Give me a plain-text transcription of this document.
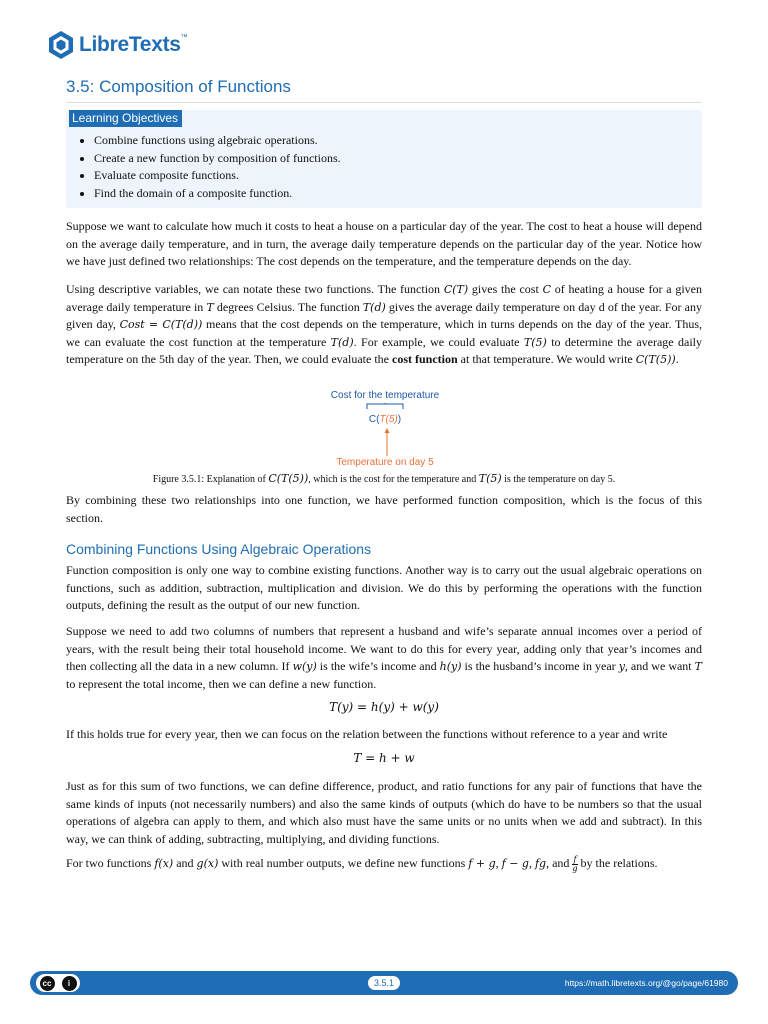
LibreTexts ™
3.5: Composition of Functions
Learning Objectives
• Combine functions using algebraic operations.
• Create a new function by composition of functions.
• Evaluate composite functions.
• Find the domain of a composite function.

Suppose we want to calculate how much it costs to heat a house on a particular day of the year. The cost to heat a house will depend on the average daily temperature, and in turn, the average daily temperature depends on the particular day of the year. Notice how we have just defined two relationships: The cost depends on the temperature, and the temperature depends on the day.

Using descriptive variables, we can notate these two functions. The function C(T) gives the cost C of heating a house for a given average daily temperature in T degrees Celsius. The function T(d) gives the average daily temperature on day d of the year. For any given day, Cost = C(T(d)) means that the cost depends on the temperature, which in turns depends on the day of the year. Thus, we can evaluate the cost function at the temperature T(d). For example, we could evaluate T(5) to determine the average daily temperature on the 5th day of the year. Then, we could evaluate the cost function at that temperature. We would write C(T(5)).

Cost for the temperature
C(T(5))
Temperature on day 5

Figure 3.5.1: Explanation of C(T(5)), which is the cost for the temperature and T(5) is the temperature on day 5.

By combining these two relationships into one function, we have performed function composition, which is the focus of this section.

Combining Functions Using Algebraic Operations

Function composition is only one way to combine existing functions. Another way is to carry out the usual algebraic operations on functions, such as addition, subtraction, multiplication and division. We do this by performing the operations with the function outputs, defining the result as the output of our new function.

Suppose we need to add two columns of numbers that represent a husband and wife’s separate annual incomes over a period of years, with the result being their total household income. We want to do this for every year, adding only that year’s incomes and then collecting all the data in a new column. If w(y) is the wife’s income and h(y) is the husband’s income in year y, and we want T to represent the total income, then we can define a new function.

T(y) = h(y) + w(y)

If this holds true for every year, then we can focus on the relation between the functions without reference to a year and write

T = h + w

Just as for this sum of two functions, we can define difference, product, and ratio functions for any pair of functions that have the same kinds of inputs (not necessarily numbers) and also the same kinds of outputs (which do have to be numbers so that the usual operations of algebra can apply to them, and which also must have the same units or no units when we add and subtract). In this way, we can think of adding, subtracting, multiplying, and dividing functions.

For two functions f(x) and g(x) with real number outputs, we define new functions f + g, f − g, fg, and $\frac{f}{g}$ by the relations.

cc	i	3.5.1	https://math.libretexts.org/@go/page/61980
